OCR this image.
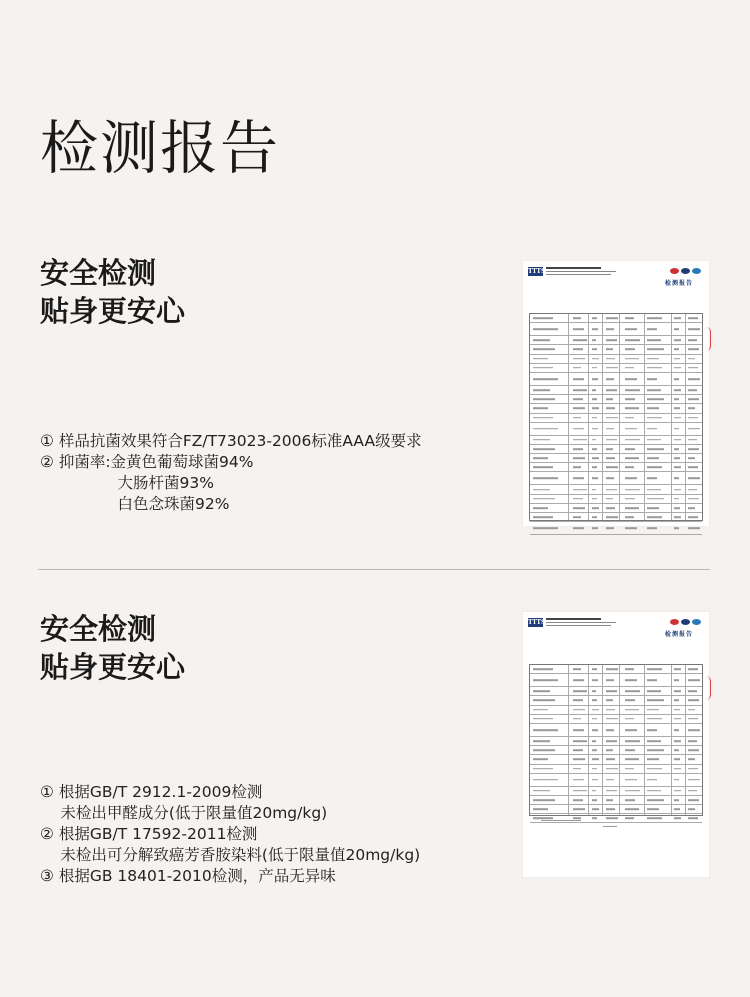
检测报告
安全检测
贴身更安心
① 样品抗菌效果符合FZ/T73023-2006标准AAA级要求
② 抑菌率:金黄色葡萄球菌94%
　　　　　大肠杆菌93%
　　　　　白色念珠菌92%
TTTS
检测报告
安全检测
贴身更安心
① 根据GB/T 2912.1-2009检测
　 未检出甲醛成分(低于限量值20mg/kg)
② 根据GB/T 17592-2011检测
　 未检出可分解致癌芳香胺染料(低于限量值20mg/kg)
③ 根据GB 18401-2010检测，产品无异味
TTTS
检测报告
